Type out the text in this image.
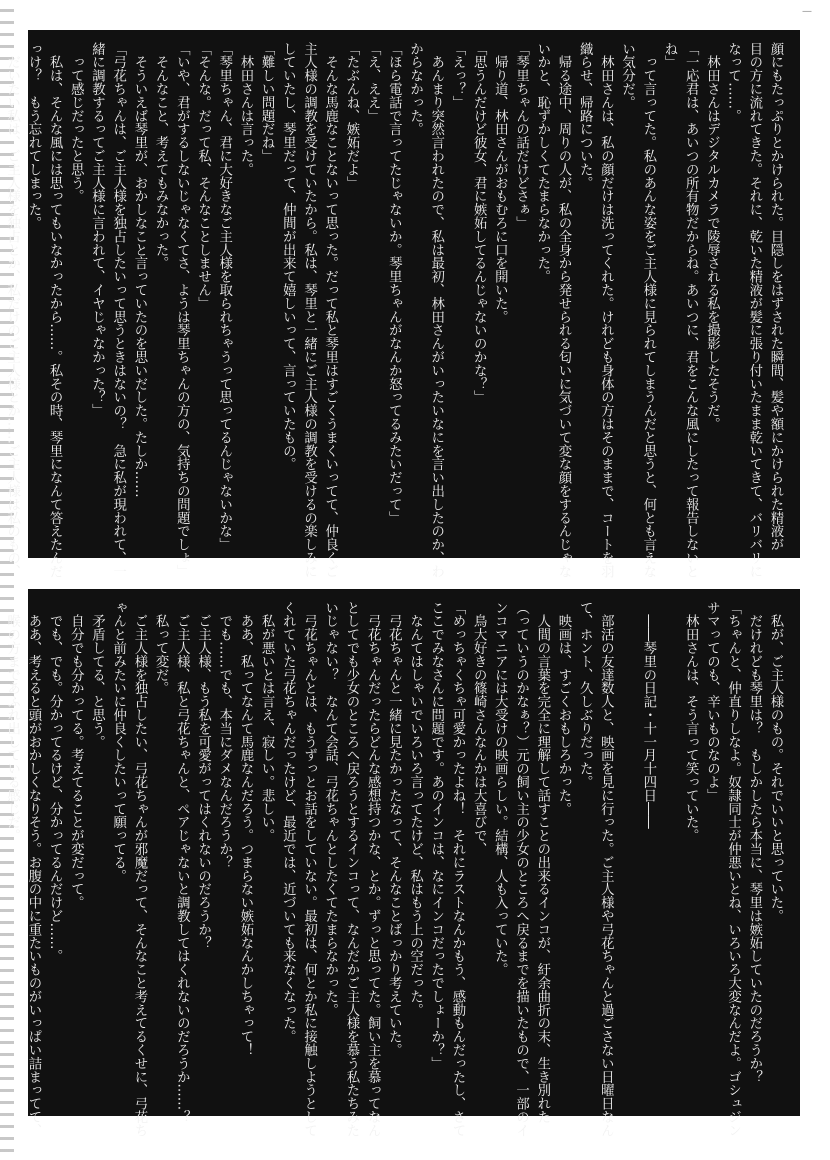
—
顔にもたっぷりとかけられた。目隠しをはずされた瞬間、髪や額にかけられた精液が
目の方に流れてきた。それに、乾いた精液が髪に張り付いたまま乾いてきて、バリバリに
なって……。
　林田さんはデジタルカメラで陵辱される私を撮影したそうだ。
「一応君は、あいつの所有物だからね。あいつに、君をこんな風にしたって報告しないと
ね」
　って言ってた。私のあんな姿をご主人様に見られてしまうんだと思うと、何とも言えな
い気分だ。
　林田さんは、私の顔だけは洗ってくれた。けれども身体の方はそのままで、コートを羽
織らせ、帰路についた。
　帰る途中、周りの人が、私の全身から発せられる匂いに気づいて変な顔をするんじゃな
いかと、恥ずかしくてたまらなかった。
「琴里ちゃんの話だけどさぁ」
　帰り道、林田さんがおもむろに口を開いた。
「思うんだけど彼女、君に嫉妬してるんじゃないのかな？」
「えっ？」
　あんまり突然言われたので、私は最初、林田さんがいったいなにを言い出したのか、わ
からなかった。
「ほら電話で言ってたじゃないか。琴里ちゃんがなんか怒ってるみたいだって」
「え、ええ」
「たぶんね、嫉妬だよ」
　そんな馬鹿なことないって思った。だって私と琴里はすごくうまくいってて、仲良くご
主人様の調教を受けていたから。私は、琴里と一緒にご主人様の調教を受けるの楽しみに
していたし、琴里だって、仲間が出来て嬉しいって、言っていたもの。
「難しい問題だね」
　林田さんは言った。
「琴里ちゃん、君に大好きなご主人様を取られちゃうって思ってるんじゃないかな」
「そんな。だって私、そんなことしません」
「いや、君がするしないじゃなくてさ、ようは琴里ちゃんの方の、気持ちの問題でしょ」
　そんなこと、考えてもみなかった。
　そういえば琴里が、おかしなこと言っていたのを思いだした。たしか……
「弓花ちゃんは、ご主人様を独占したいって思うときはないの？　急に私が現われて、一
緒に調教するってご主人様に言われて、イヤじゃなかった？」
　って感じだったと思う。
　私は、そんな風には思ってもいなかったから……。私その時、琴里になんて答えたんだ
っけ？　もう忘れてしまった。
　だいたい私は、ご主人様を独占とか、私だけのご主人様とか……ご主人様は私のもの、
　私が、ご主人様のもの。それでいいと思っていた。
　だけれども琴里は？　もしかしたら本当に、琴里は嫉妬していたのだろうか？
「ちゃんと、仲直りしなよ。奴隷同士が仲悪いとね、いろいろ大変なんだよ。ゴシュジン
サマってのも、辛いものなのよ」
　林田さんは、そう言って笑っていた。

　――琴里の日記・十一月十四日――

　部活の友達数人と、映画を見に行った。ご主人様や弓花ちゃんと過ごさない日曜日なん
て、ホント、久しぶりだった。
　映画は、すごくおもしろかった。
　人間の言葉を完全に理解して話すことの出来るインコが、紆余曲折の末、生き別れた
（っていうのかなぁ？）元の飼い主の少女のところへ戻るまでを描いたもので、一部のイ
ンコマニアには大受けの映画らしい。結構、人も入っていた。
　鳥大好きの篠崎さんなんかは大喜びで、
「めっちゃくちゃ可愛かったよね！　それにラストなんかもう、感動もんだったし、さて
ここでみなさんに問題です。あのインコは、なにインコだったでしょーか？」
　なんてはしゃいでいろいろ言ってたけど、私はもう上の空だった。
　弓花ちゃんと一緒に見たかったなって、そんなことばっかり考えていた。
　弓花ちゃんだったらどんな感想持つかな、とか。ずっと思ってた。飼い主を慕ってなん
としてでも少女のところへ戻ろうとするインコって、なんだかご主人様を慕う私たちみた
いじゃない？　なんて会話、弓花ちゃんとしたくてたまらなかった。
　弓花ちゃんとは、もうずっとお話をしていない。最初は、何とか私に接触しようとして
くれていた弓花ちゃんだったけど、最近では、近づいても来なくなった。
　私が悪いとは言え、寂しい。悲しい。
　ああ、私ってなんて馬鹿なんだろう。つまらない嫉妬なんかしちゃって！
　でも……でも、本当にダメなんだろうか？
　ご主人様、もう私を可愛がってはくれないのだろうか？
　ご主人様、私と弓花ちゃんと、ペアじゃないと調教してはくれないのだろうか……？
　私って変だ。
　ご主人様を独占したい、弓花ちゃんが邪魔だって、そんなこと考えてるくせに、弓花ち
ゃんと前みたいに仲良くしたいって願ってる。
　矛盾してる、と思う。
　自分でも分かってる。考えてることが変だって。
　でも、でも。分かってるけど、分かってるんだけど……。
　ああ、考えると頭がおかしくなりそう。お腹の中に重たいものがいっぱい詰まってて、
　喉の方まであふれ出している感じだ。
